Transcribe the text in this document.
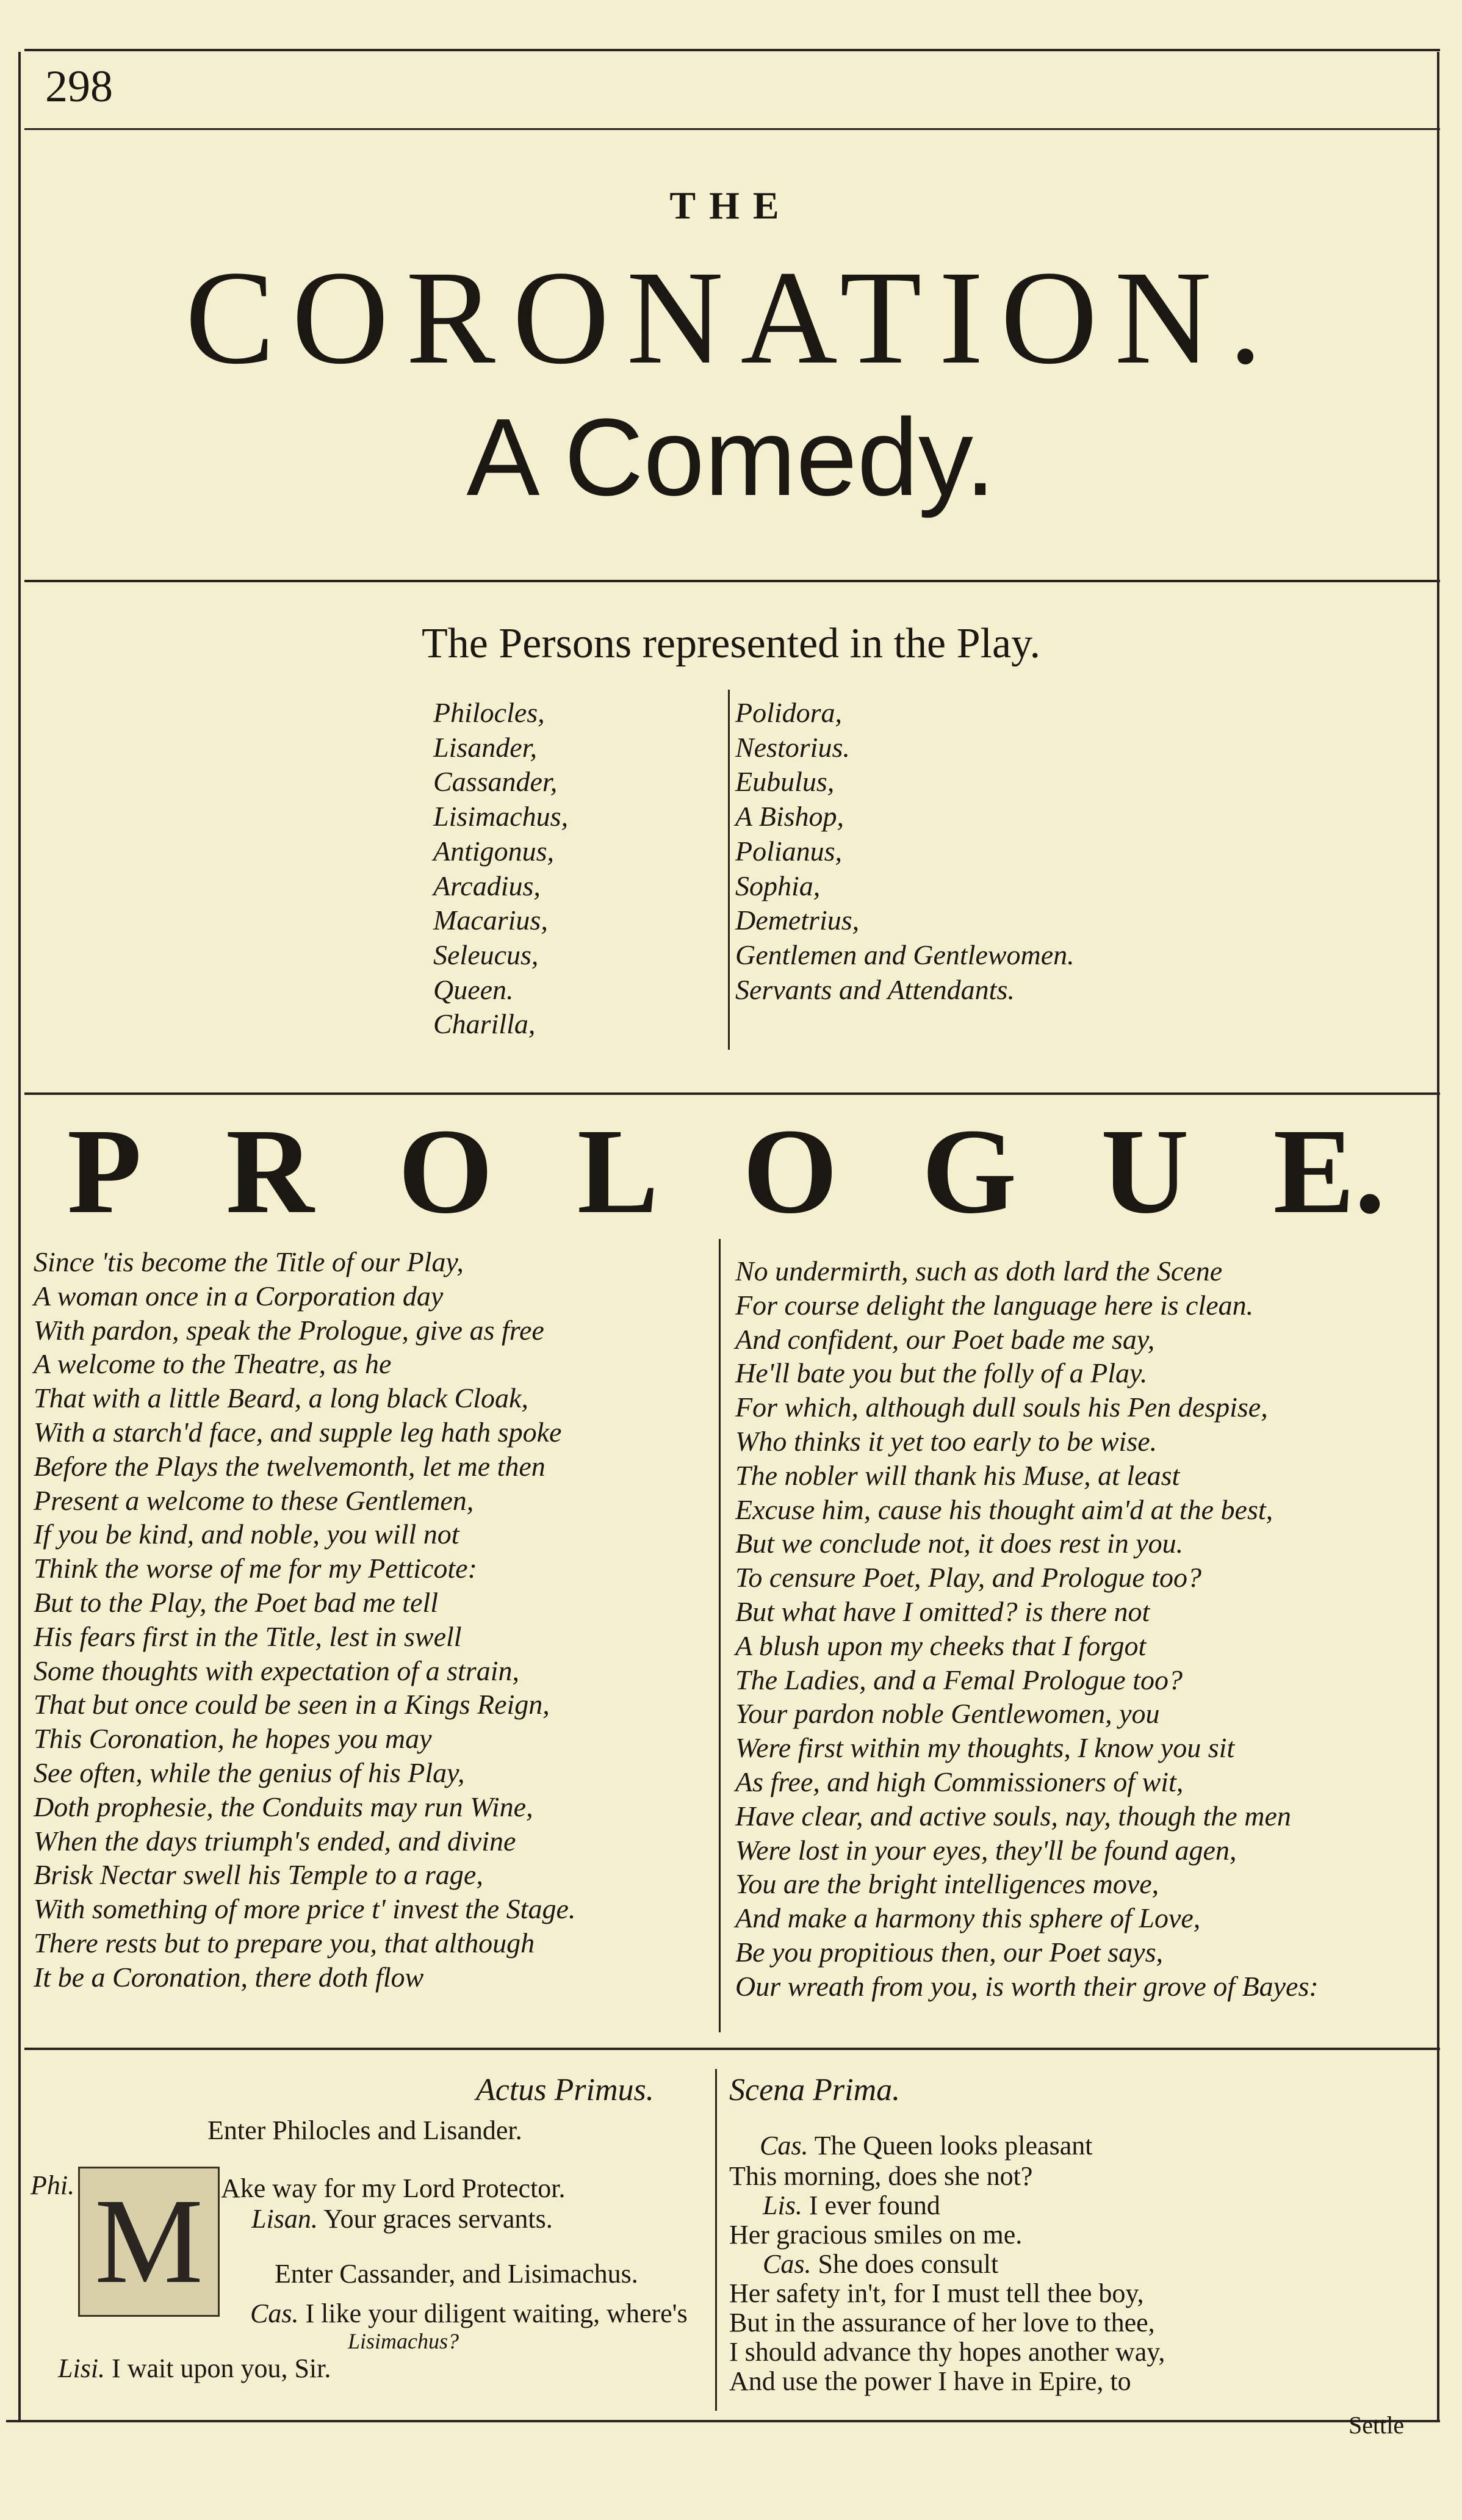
298
THE
CORONATION.
A Comedy.
The Persons represented in the Play.
Philocles,
Lisander,
Cassander,
Lisimachus,
Antigonus,
Arcadius,
Macarius,
Seleucus,
Queen.
Charilla,
Polidora,
Nestorius.
Eubulus,
A Bishop,
Polianus,
Sophia,
Demetrius,
Gentlemen and Gentlewomen.
Servants and Attendants.
P R O L O G U E.
Since 'tis become the Title of our Play,
A woman once in a Corporation day
With pardon, speak the Prologue, give as free
A welcome to the Theatre, as he
That with a little Beard, a long black Cloak,
With a starch'd face, and supple leg hath spoke
Before the Plays the twelvemonth, let me then
Present a welcome to these Gentlemen,
If you be kind, and noble, you will not
Think the worse of me for my Petticote:
But to the Play, the Poet bad me tell
His fears first in the Title, lest in swell
Some thoughts with expectation of a strain,
That but once could be seen in a Kings Reign,
This Coronation, he hopes you may
See often, while the genius of his Play,
Doth prophesie, the Conduits may run Wine,
When the days triumph's ended, and divine
Brisk Nectar swell his Temple to a rage,
With something of more price t' invest the Stage.
There rests but to prepare you, that although
It be a Coronation, there doth flow
No undermirth, such as doth lard the Scene
For course delight the language here is clean.
And confident, our Poet bade me say,
He'll bate you but the folly of a Play.
For which, although dull souls his Pen despise,
Who thinks it yet too early to be wise.
The nobler will thank his Muse, at least
Excuse him, cause his thought aim'd at the best,
But we conclude not, it does rest in you.
To censure Poet, Play, and Prologue too?
But what have I omitted? is there not
A blush upon my cheeks that I forgot
The Ladies, and a Femal Prologue too?
Your pardon noble Gentlewomen, you
Were first within my thoughts, I know you sit
As free, and high Commissioners of wit,
Have clear, and active souls, nay, though the men
Were lost in your eyes, they'll be found agen,
You are the bright intelligences move,
And make a harmony this sphere of Love,
Be you propitious then, our Poet says,
Our wreath from you, is worth their grove of Bayes:
Actus Primus. Scena Prima.
Enter Philocles and Lisander.
M
Phi.	Ake way for my Lord Protector.
Lisan. Your graces servants.
Enter Cassander, and Lisimachus.
Cas. I like your diligent waiting, where's
Lisimachus?
Lisi. I wait upon you, Sir.
Cas. The Queen looks pleasant
This morning, does she not?
Lis. I ever found
Her gracious smiles on me.
Cas. She does consult
Her safety in't, for I must tell thee boy,
But in the assurance of her love to thee,
I should advance thy hopes another way,
And use the power I have in Epire, to
Settle
